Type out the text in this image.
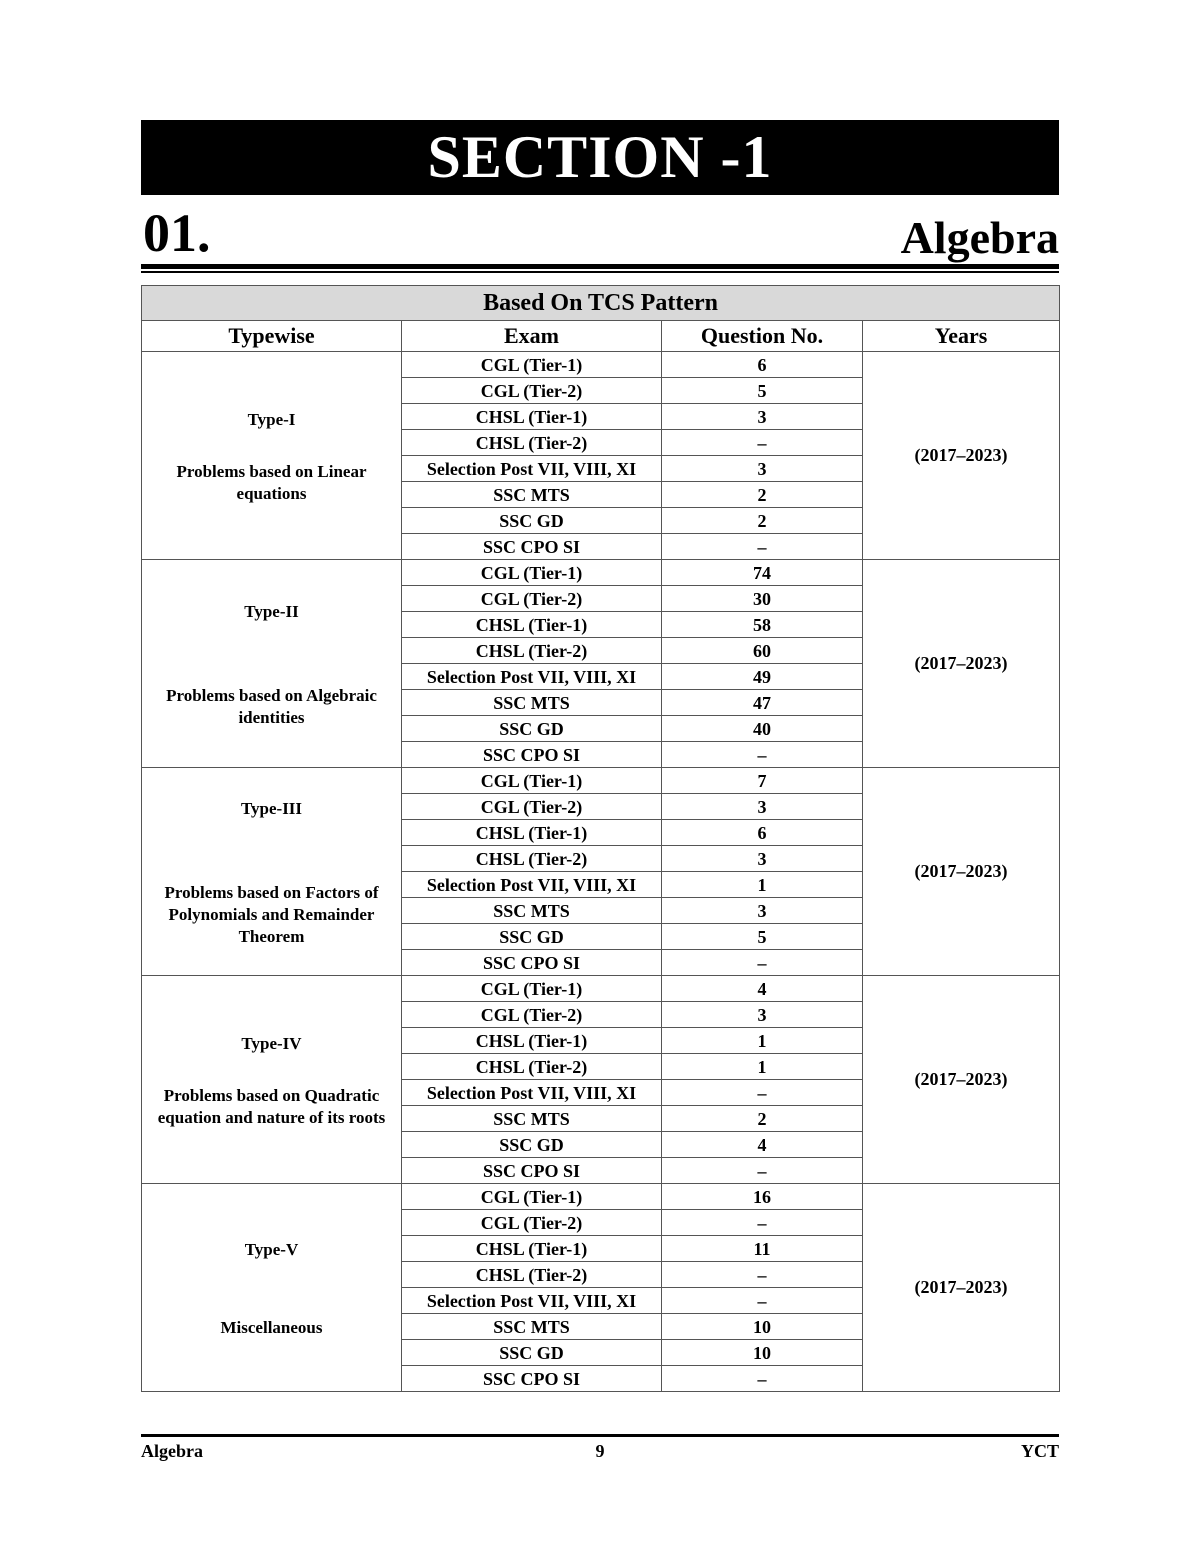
SECTION -1
01.	Algebra
Based On TCS Pattern			
Typewise	Exam	Question No.	Years

Type-I
Problems based on Linear equations	CGL (Tier-1)	6	(2017–2023)
	CGL (Tier-2)	5	
	CHSL (Tier-1)	3	
	CHSL (Tier-2)	–	
	Selection Post VII, VIII, XI	3	
	SSC MTS	2	
	SSC GD	2	
	SSC CPO SI	–	

Type-II
Problems based on Algebraic identities	CGL (Tier-1)	74	(2017–2023)
	CGL (Tier-2)	30	
	CHSL (Tier-1)	58	
	CHSL (Tier-2)	60	
	Selection Post VII, VIII, XI	49	
	SSC MTS	47	
	SSC GD	40	
	SSC CPO SI	–	

Type-III
Problems based on Factors of Polynomials and Remainder Theorem	CGL (Tier-1)	7	(2017–2023)
	CGL (Tier-2)	3	
	CHSL (Tier-1)	6	
	CHSL (Tier-2)	3	
	Selection Post VII, VIII, XI	1	
	SSC MTS	3	
	SSC GD	5	
	SSC CPO SI	–	

Type-IV
Problems based on Quadratic equation and nature of its roots	CGL (Tier-1)	4	(2017–2023)
	CGL (Tier-2)	3	
	CHSL (Tier-1)	1	
	CHSL (Tier-2)	1	
	Selection Post VII, VIII, XI	–	
	SSC MTS	2	
	SSC GD	4	
	SSC CPO SI	–	

Type-V
Miscellaneous	CGL (Tier-1)	16	(2017–2023)
	CGL (Tier-2)	–	
	CHSL (Tier-1)	11	
	CHSL (Tier-2)	–	
	Selection Post VII, VIII, XI	–	
	SSC MTS	10	
	SSC GD	10	
	SSC CPO SI	–	
Algebra	9	YCT
